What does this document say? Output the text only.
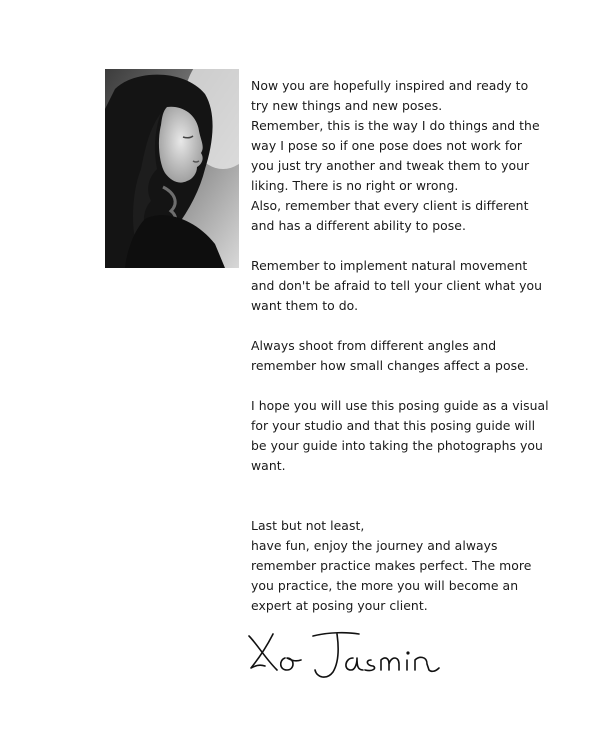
Now you are hopefully inspired and ready to
try new things and new poses.
Remember, this is the way I do things and the
way I pose so if one pose does not work for
you just try another and tweak them to your
liking. There is no right or wrong.
Also, remember that every client is different
and has a different ability to pose.

Remember to implement natural movement
and don't be afraid to tell your client what you
want them to do.

Always shoot from different angles and
remember how small changes affect a pose.

I hope you will use this posing guide as a visual
for your studio and that this posing guide will
be your guide into taking the photographs you
want.

Last but not least,
have fun, enjoy the journey and always
remember practice makes perfect. The more
you practice, the more you will become an
expert at posing your client.
